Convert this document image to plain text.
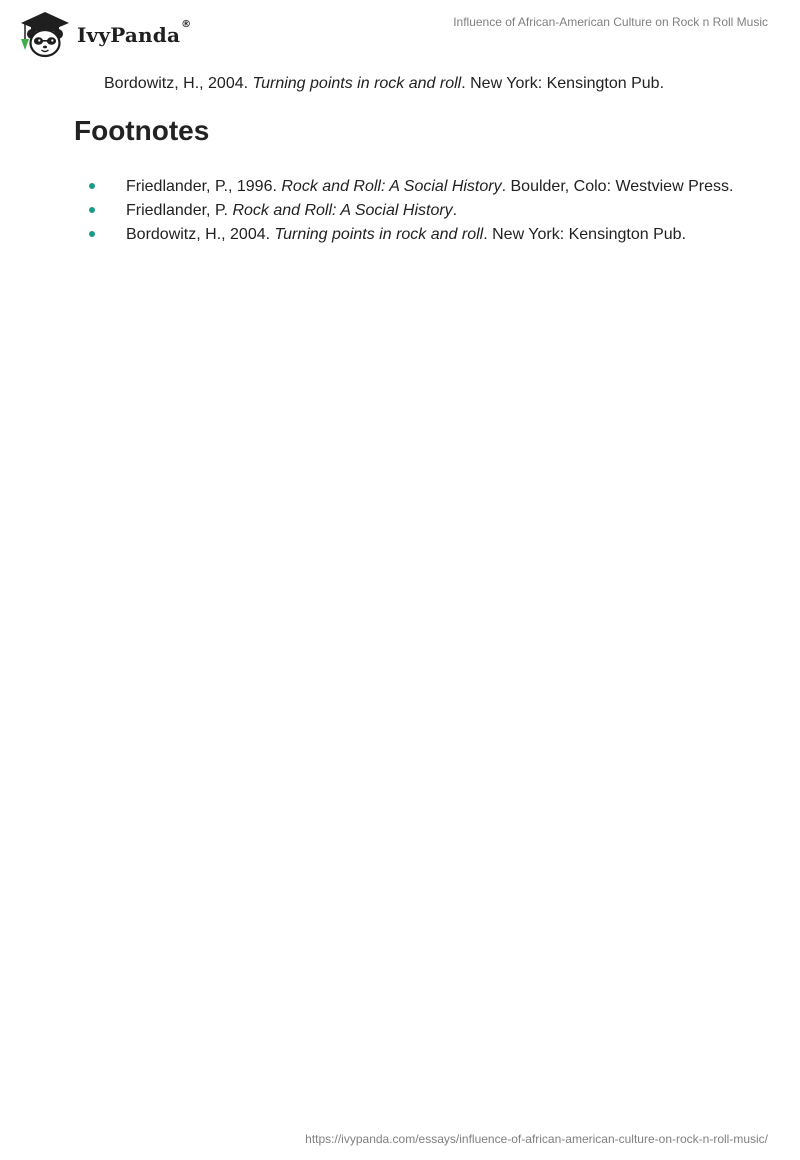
IvyPanda ®	Influence of African-American Culture on Rock n Roll Music

Bordowitz, H., 2004. Turning points in rock and roll. New York: Kensington Pub.

Footnotes
Friedlander, P., 1996. Rock and Roll: A Social History. Boulder, Colo: Westview Press.
Friedlander, P. Rock and Roll: A Social History.
Bordowitz, H., 2004. Turning points in rock and roll. New York: Kensington Pub.
https://ivypanda.com/essays/influence-of-african-american-culture-on-rock-n-roll-music/
